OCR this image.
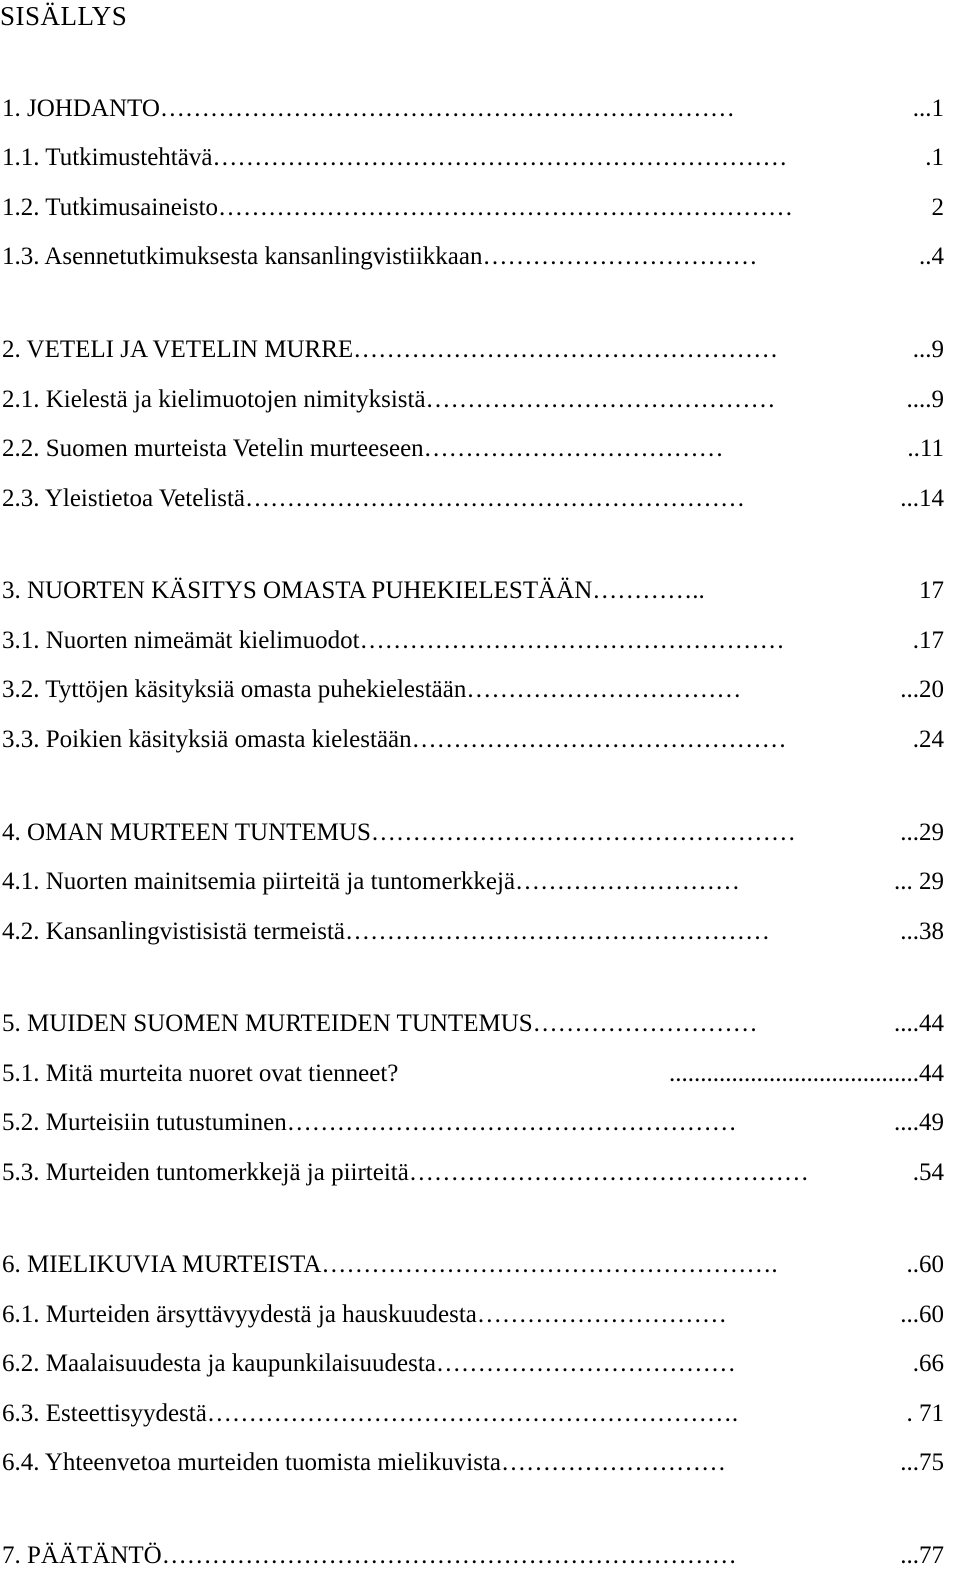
SISÄLLYS
1. JOHDANTO……………………………………………………………	...1
1.1. Tutkimustehtävä……………………………………………………………	.1
1.2. Tutkimusaineisto……………………………………………………………	2
1.3. Asennetutkimuksesta kansanlingvistiikkaan……………………………	..4
2. VETELI JA VETELIN MURRE……………………………………………	...9
2.1. Kielestä ja kielimuotojen nimityksistä……………………………………	....9
2.2. Suomen murteista Vetelin murteeseen………………………………	..11
2.3. Yleistietoa Vetelistä……………………………………………………	...14
3. NUORTEN KÄSITYS OMASTA PUHEKIELESTÄÄN…………..	17
3.1. Nuorten nimeämät kielimuodot……………………………………………	.17
3.2. Tyttöjen käsityksiä omasta puhekielestään……………………………	...20
3.3. Poikien käsityksiä omasta kielestään………………………………………	.24
4. OMAN MURTEEN TUNTEMUS……………………………………………	...29
4.1. Nuorten mainitsemia piirteitä ja tuntomerkkejä………………………	... 29
4.2. Kansanlingvistisistä termeistä……………………………………………	...38
5. MUIDEN SUOMEN MURTEIDEN TUNTEMUS………………………	....44
5.1. Mitä murteita nuoret ovat tienneet?	........................................44
5.2. Murteisiin tutustuminen………………………………………………	....49
5.3. Murteiden tuntomerkkejä ja piirteitä…………………………………………	.54
6. MIELIKUVIA MURTEISTA……………………………………………….	..60
6.1. Murteiden ärsyttävyydestä ja hauskuudesta…………………………	...60
6.2. Maalaisuudesta ja kaupunkilaisuudesta………………………………	.66
6.3. Esteettisyydestä……………………………………………………….	. 71
6.4. Yhteenvetoa murteiden tuomista mielikuvista………………………	...75
7. PÄÄTÄNTÖ……………………………………………………………	...77
